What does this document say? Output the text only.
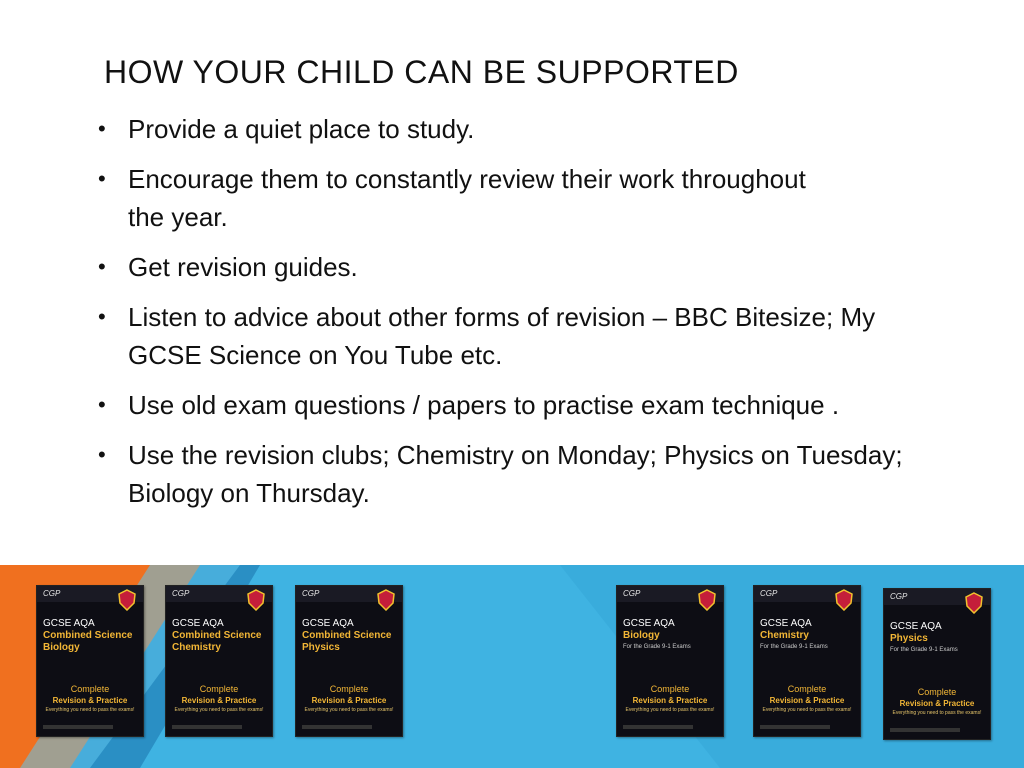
HOW YOUR CHILD CAN BE SUPPORTED
• Provide a quiet place to study.
• Encourage them to constantly review their work throughout the year.
• Get revision guides.
• Listen to advice about other forms of revision – BBC Bitesize; My GCSE Science on You Tube etc.
• Use old exam questions / papers to practise exam technique .
• Use the revision clubs; Chemistry on Monday; Physics on Tuesday; Biology on Thursday.
CGP
GCSE AQA
Combined Science
Biology
Complete
Revision & Practice
Everything you need to pass the exams!
CGP
GCSE AQA
Combined Science
Chemistry
Complete
Revision & Practice
Everything you need to pass the exams!
CGP
GCSE AQA
Combined Science
Physics
Complete
Revision & Practice
Everything you need to pass the exams!
CGP
GCSE AQA
Biology
For the Grade 9-1 Exams
Complete
Revision & Practice
Everything you need to pass the exams!
CGP
GCSE AQA
Chemistry
For the Grade 9-1 Exams
Complete
Revision & Practice
Everything you need to pass the exams!
CGP
GCSE AQA
Physics
For the Grade 9-1 Exams
Complete
Revision & Practice
Everything you need to pass the exams!
